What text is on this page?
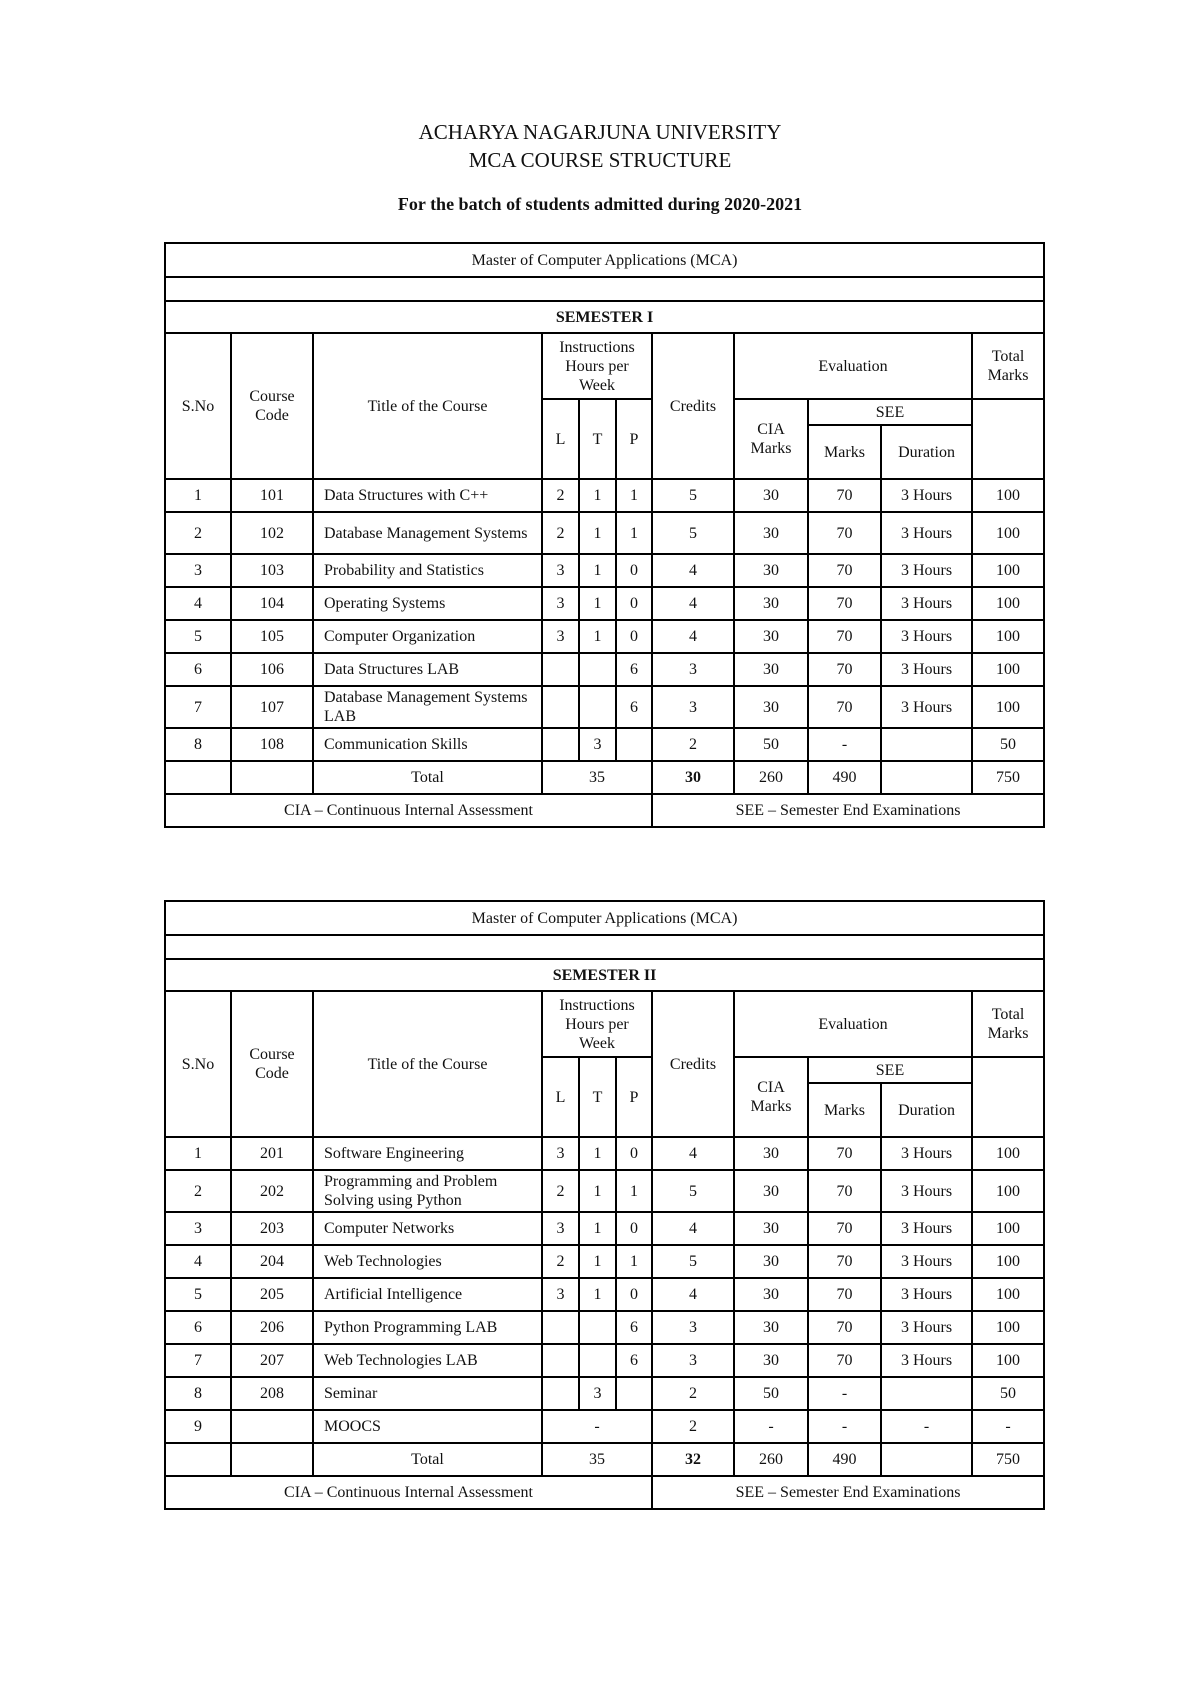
ACHARYA NAGARJUNA UNIVERSITY
MCA COURSE STRUCTURE
For the batch of students admitted during 2020-2021
Master of Computer Applications (MCA)										

SEMESTER I										
S.No	Course Code	Title of the Course	Instructions Hours per Week			Credits	Evaluation			Total Marks
			L	T	P		CIA Marks	SEE		
								Marks	Duration	
1	101	Data Structures with C++	2	1	1	5	30	70	3 Hours	100
2	102	Database Management Systems	2	1	1	5	30	70	3 Hours	100
3	103	Probability and Statistics	3	1	0	4	30	70	3 Hours	100
4	104	Operating Systems	3	1	0	4	30	70	3 Hours	100
5	105	Computer Organization	3	1	0	4	30	70	3 Hours	100
6	106	Data Structures LAB			6	3	30	70	3 Hours	100
7	107	Database Management Systems LAB			6	3	30	70	3 Hours	100
8	108	Communication Skills		3		2	50	-		50
		Total	35			30	260	490		750
CIA – Continuous Internal Assessment						SEE – Semester End Examinations				
Master of Computer Applications (MCA)										

SEMESTER II										
S.No	Course Code	Title of the Course	Instructions Hours per Week			Credits	Evaluation			Total Marks
			L	T	P		CIA Marks	SEE		
								Marks	Duration	
1	201	Software Engineering	3	1	0	4	30	70	3 Hours	100
2	202	Programming and Problem Solving using Python	2	1	1	5	30	70	3 Hours	100
3	203	Computer Networks	3	1	0	4	30	70	3 Hours	100
4	204	Web Technologies	2	1	1	5	30	70	3 Hours	100
5	205	Artificial Intelligence	3	1	0	4	30	70	3 Hours	100
6	206	Python Programming LAB			6	3	30	70	3 Hours	100
7	207	Web Technologies LAB			6	3	30	70	3 Hours	100
8	208	Seminar		3		2	50	-		50
9		MOOCS	-			2	-	-	-	-
		Total	35			32	260	490		750
CIA – Continuous Internal Assessment						SEE – Semester End Examinations				
